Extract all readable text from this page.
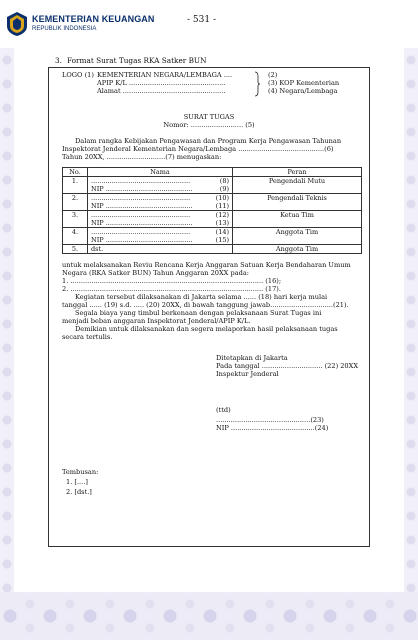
KEMENTERIAN KEUANGAN
REPUBLIK INDONESIA
- 531 -
3. Format Surat Tugas RKA Satker BUN
LOGO (1) KEMENTERIAN NEGARA/LEMBAGA ....
APIP K/L ..............................................
Alamat .................................................
(2)
(3) KOP Kementerian
(4) Negara/Lembaga
SURAT TUGAS
Nomor: ......................... (5)
Dalam rangka Kebijakan Pengawasan dan Program Kerja Pengawasan Tahunan
Inspektorat Jenderal Kementerian Negara/Lembaga .........................................(6)
Tahun 20XX, ............................(7) menugaskan:
No.	Nama	Peran
1.	................................................ (8)	Pengendali Mutu

	NIP .......................................... (9)	

2.	................................................ (10)	Pengendali Teknis

	NIP .......................................... (11)	

3.	................................................ (12)	Ketua Tim

	NIP .......................................... (13)	

4.	................................................ (14)	Anggota Tim

	NIP .......................................... (15)	

5.	dst.	Anggota Tim
untuk melaksanakan Reviu Rencana Kerja Anggaran Satuan Kerja Bendaharan Umum
Negara (RKA Satker BUN) Tahun Anggaran 20XX pada:
1. ............................................................................................ (16);
2. ............................................................................................ (17).
Kegiatan tersebut dilaksanakan di Jakarta selama ...... (18) hari kerja mulai
tanggal ...... (19) s.d. ..... (20) 20XX, di bawah tanggung jawab..............................(21).
Segala biaya yang timbul berkenaan dengan pelaksanaan Surat Tugas ini
menjadi beban anggaran Inspektorat Jenderal/APIP K/L.
Demikian untuk dilaksanakan dan segera melaporkan hasil pelaksanaan tugas
secara tertulis.
Ditetapkan di Jakarta
Pada tanggal ............................. (22) 20XX
Inspektur Jenderal
(ttd)
.............................................(23)
NIP ........................................(24)
Tembusan:
1. [....]
2. [dst.]
